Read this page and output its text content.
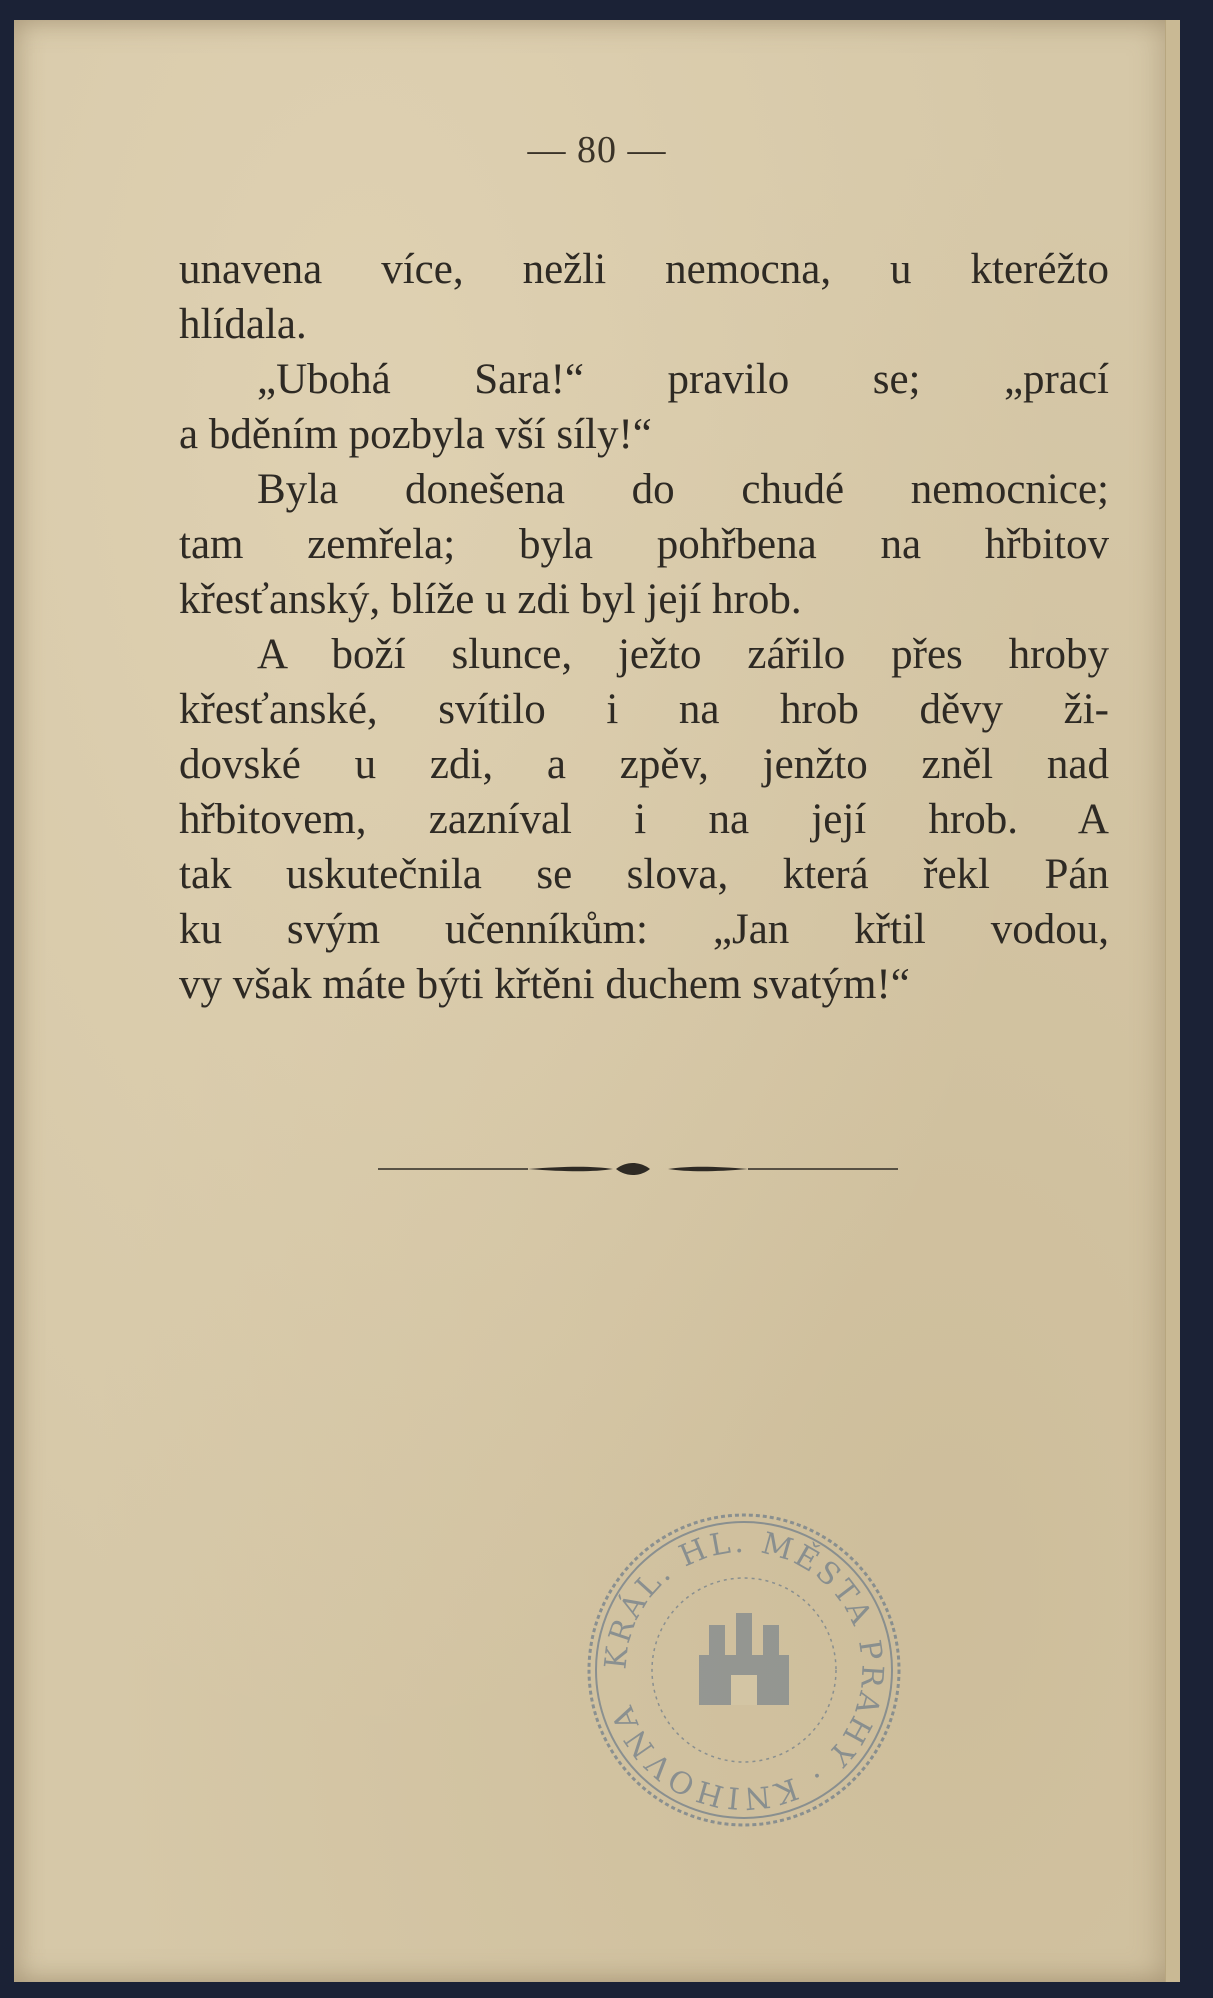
— 80 —
unavena více, nežli nemocna, u kteréžto
hlídala.
„Ubohá Sara!“ pravilo se; „prací
a bděním pozbyla vší síly!“
Byla donešena do chudé nemocnice;
tam zemřela; byla pohřbena na hřbitov
křesťanský, blíže u zdi byl její hrob.
A boží slunce, ježto zářilo přes hroby
křesťanské, svítilo i na hrob děvy ži-
dovské u zdi, a zpěv, jenžto zněl nad
hřbitovem, zazníval i na její hrob. A
tak uskutečnila se slova, která řekl Pán
ku svým učenníkům: „Jan křtil vodou,
vy však máte býti křtěni duchem svatým!“
KRÁL. HL. MĚSTA PRAHY · KNIHOVNA
